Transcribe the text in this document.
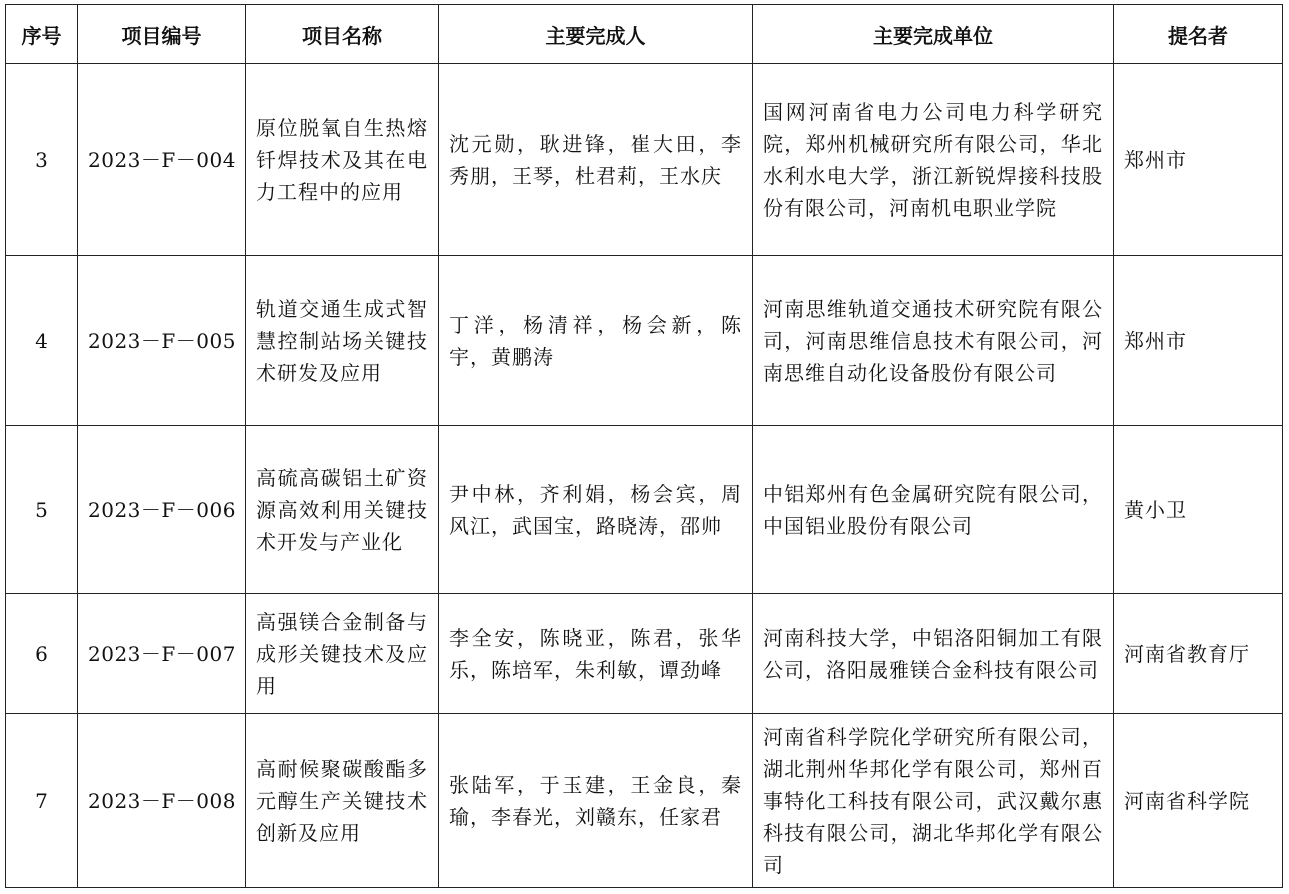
序号	项目编号	项目名称	主要完成人	主要完成单位	提名者
3	2023－F－004	原位脱氧自生热熔钎焊技术及其在电力工程中的应用	沈元勋，耿进锋，崔大田，李秀朋，王琴，杜君莉，王水庆	国网河南省电力公司电力科学研究院，郑州机械研究所有限公司，华北水利水电大学，浙江新锐焊接科技股份有限公司，河南机电职业学院	郑州市
4	2023－F－005	轨道交通生成式智慧控制站场关键技术研发及应用	丁洋，杨清祥，杨会新，陈宇，黄鹏涛	河南思维轨道交通技术研究院有限公司，河南思维信息技术有限公司，河南思维自动化设备股份有限公司	郑州市
5	2023－F－006	高硫高碳铝土矿资源高效利用关键技术开发与产业化	尹中林，齐利娟，杨会宾，周风江，武国宝，路晓涛，邵帅	中铝郑州有色金属研究院有限公司，中国铝业股份有限公司	黄小卫
6	2023－F－007	高强镁合金制备与成形关键技术及应用	李全安，陈晓亚，陈君，张华乐，陈培军，朱利敏，谭劲峰	河南科技大学，中铝洛阳铜加工有限公司，洛阳晟雅镁合金科技有限公司	河南省教育厅
7	2023－F－008	高耐候聚碳酸酯多元醇生产关键技术创新及应用	张陆军，于玉建，王金良，秦瑜，李春光，刘赣东，任家君	河南省科学院化学研究所有限公司，湖北荆州华邦化学有限公司，郑州百事特化工科技有限公司，武汉戴尔惠科技有限公司，湖北华邦化学有限公司	河南省科学院
